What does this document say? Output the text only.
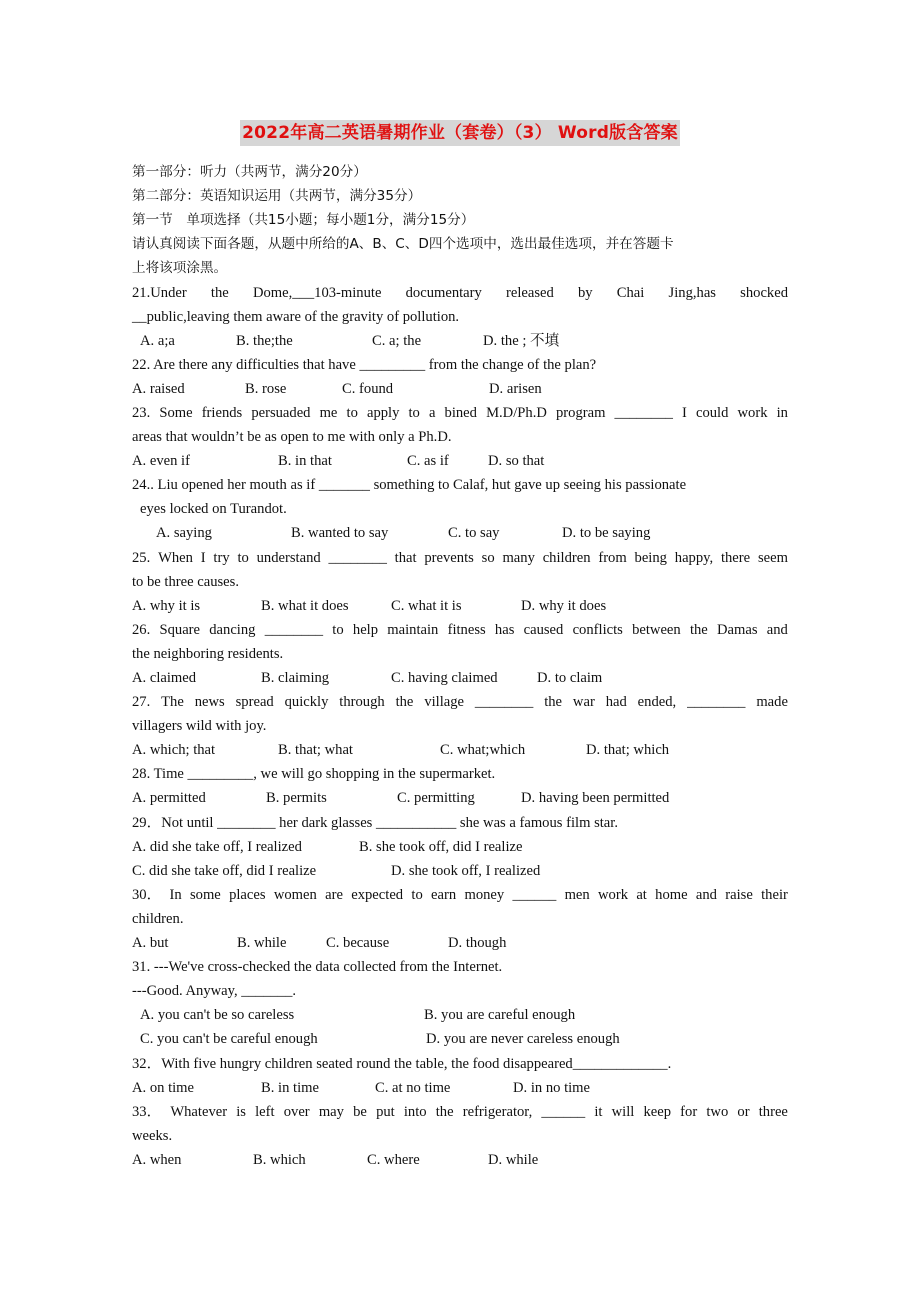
2022年高二英语暑期作业（套卷）（3） Word版含答案
第一部分：听力（共两节，满分20分）
第二部分：英语知识运用（共两节，满分35分）
第一节　单项选择（共15小题；每小题1分，满分15分）
请认真阅读下面各题，从题中所给的A、B、C、D四个选项中，选出最佳选项，并在答题卡
上将该项涂黑。
21.Under the Dome,___103-minute documentary released by Chai Jing,has shocked
__public,leaving them aware of the gravity of pollution.
A. a;a	B. the;the	C. a; the	D. the ; 不填
22. Are there any difficulties that have _________ from the change of the plan?
A. raised	B. rose	C. found	D. arisen
23. Some friends persuaded me to apply to a bined M.D/Ph.D program ________ I could work in
areas that wouldn’t be as open to me with only a Ph.D.
A. even if	B. in that	C. as if	D. so that
24.. Liu opened her mouth as if _______ something to Calaf, hut gave up seeing his passionate
eyes locked on Turandot.
A. saying	B. wanted to say	C. to say	D. to be saying
25. When I try to understand ________ that prevents so many children from being happy, there seem
to be three causes.
A. why it is	B. what it does	C. what it is	D. why it does
26. Square dancing ________ to help maintain fitness has caused conflicts between the Damas and
the neighboring residents.
A. claimed	B. claiming	C. having claimed	D. to claim
27. The news spread quickly through the village ________ the war had ended, ________ made
villagers wild with joy.
A. which; that	B. that; what	C. what;which	D. that; which
28. Time _________, we will go shopping in the supermarket.
A. permitted	B. permits	C. permitting	D. having been permitted
29．Not until ________ her dark glasses ___________ she was a famous film star.
A. did she take off, I realized	B. she took off, did I realize
C. did she take off, did I realize	D. she took off, I realized
30． In some places women are expected to earn money ______ men work at home and raise their
children.
A. but	B. while	C. because	D. though
31. ---We've cross-checked the data collected from the Internet.
---Good. Anyway, _______.
A. you can't be so careless	B. you are careful enough
C. you can't be careful enough	D. you are never careless enough
32．With five hungry children seated round the table, the food disappeared_____________.
A. on time	B. in time	C. at no time	D. in no time
33． Whatever is left over may be put into the refrigerator, ______ it will keep for two or three
weeks.
A. when	B. which	C. where	D. while
